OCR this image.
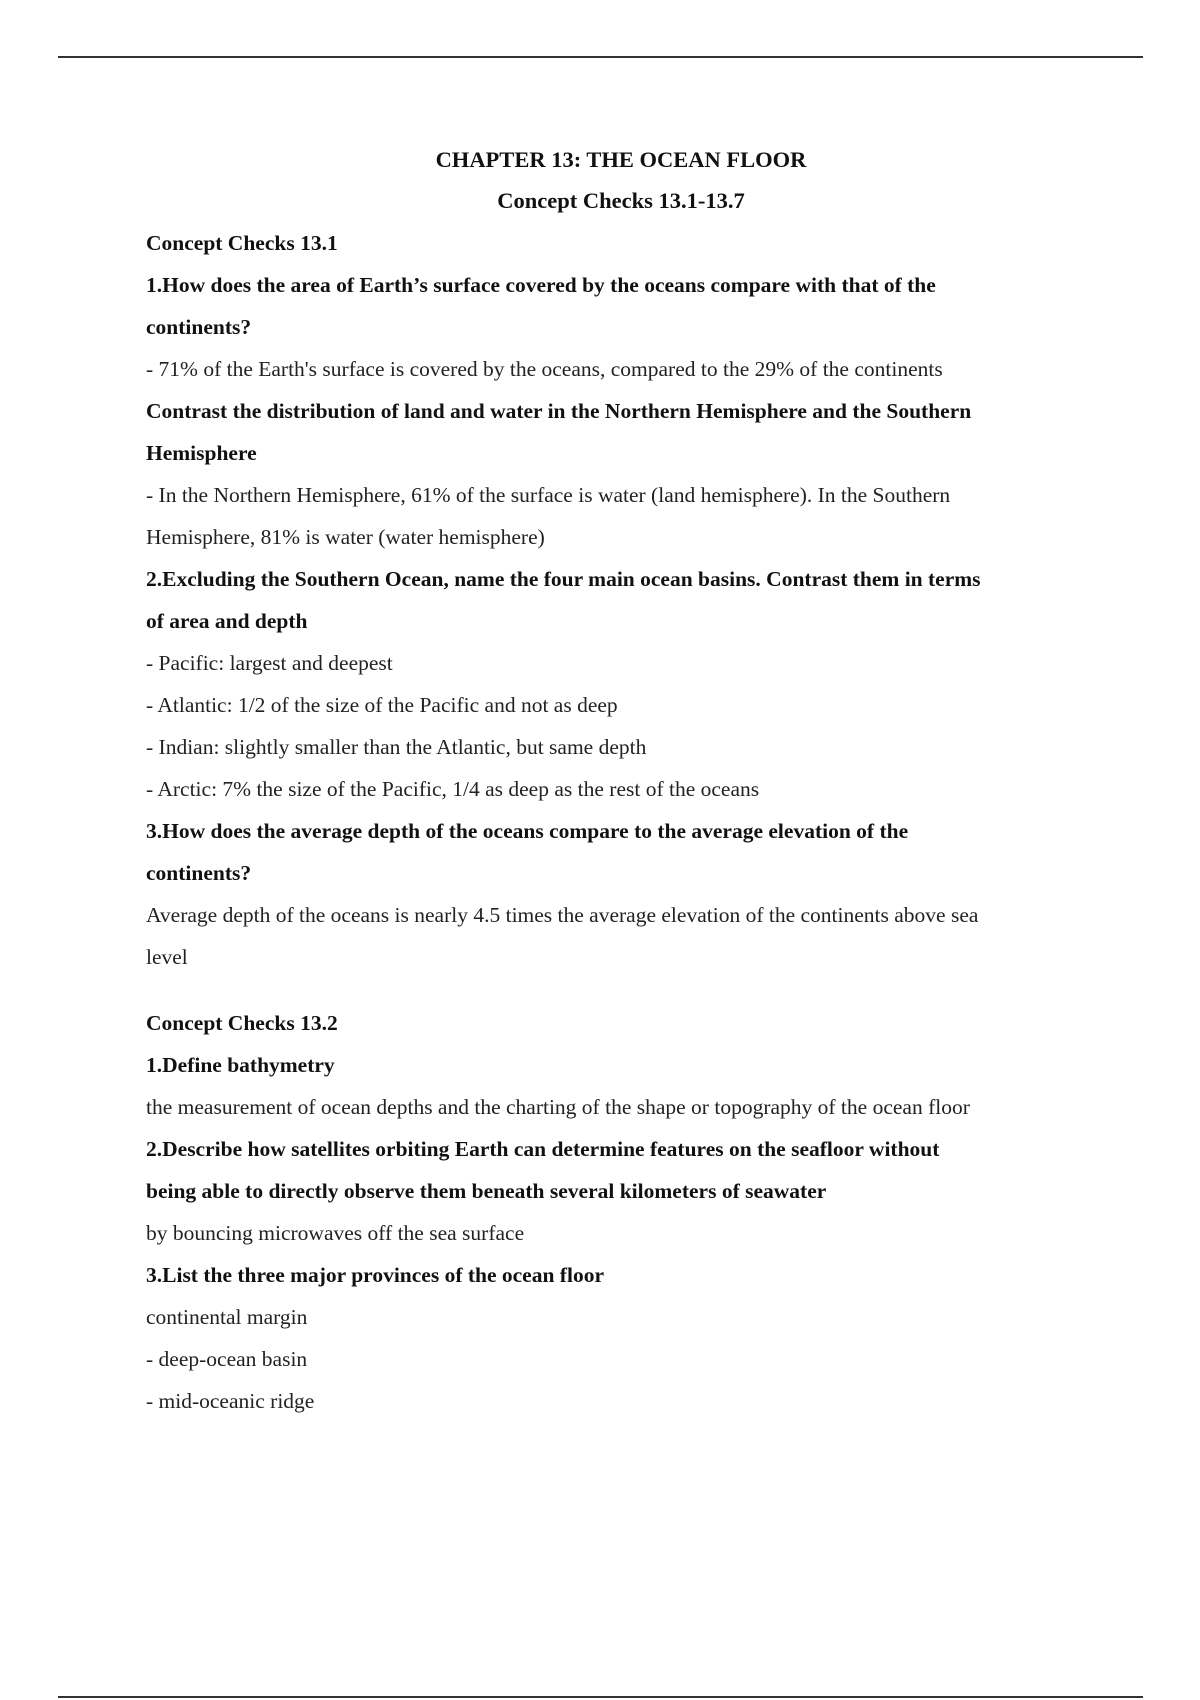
CHAPTER 13: THE OCEAN FLOOR
Concept Checks 13.1-13.7
Concept Checks 13.1
1.How does the area of Earth’s surface covered by the oceans compare with that of the
continents?
- 71% of the Earth's surface is covered by the oceans, compared to the 29% of the continents
Contrast the distribution of land and water in the Northern Hemisphere and the Southern
Hemisphere
- In the Northern Hemisphere, 61% of the surface is water (land hemisphere). In the Southern
Hemisphere, 81% is water (water hemisphere)
2.Excluding the Southern Ocean, name the four main ocean basins. Contrast them in terms
of area and depth
- Pacific: largest and deepest
- Atlantic: 1/2 of the size of the Pacific and not as deep
- Indian: slightly smaller than the Atlantic, but same depth
- Arctic: 7% the size of the Pacific, 1/4 as deep as the rest of the oceans
3.How does the average depth of the oceans compare to the average elevation of the
continents?
Average depth of the oceans is nearly 4.5 times the average elevation of the continents above sea
level
Concept Checks 13.2
1.Define bathymetry
the measurement of ocean depths and the charting of the shape or topography of the ocean floor
2.Describe how satellites orbiting Earth can determine features on the seafloor without
being able to directly observe them beneath several kilometers of seawater
by bouncing microwaves off the sea surface
3.List the three major provinces of the ocean floor
continental margin
- deep-ocean basin
- mid-oceanic ridge
